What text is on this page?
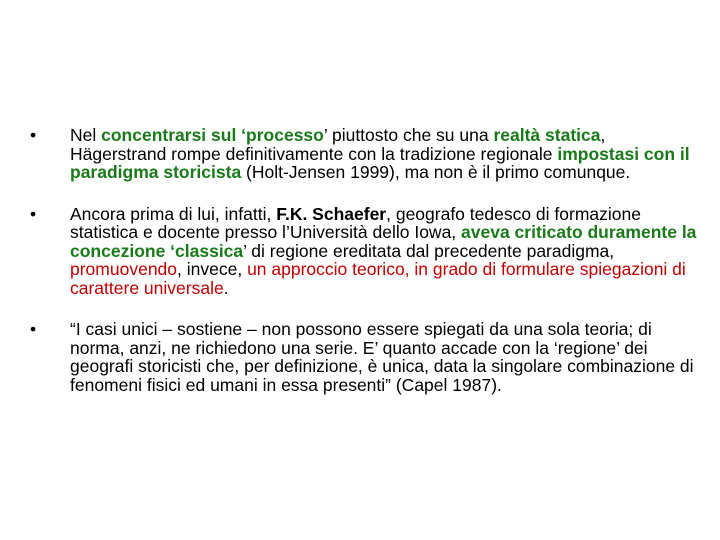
•	Nel concentrarsi sul ‘processo’ piuttosto che su una realtà statica, Hägerstrand rompe definitivamente con la tradizione regionale impostasi con il paradigma storicista (Holt-Jensen 1999), ma non è il primo comunque.
•	Ancora prima di lui, infatti, F.K. Schaefer, geografo tedesco di formazione statistica e docente presso l’Università dello Iowa, aveva criticato duramente la concezione ‘classica’ di regione ereditata dal precedente paradigma, promuovendo, invece, un approccio teorico, in grado di formulare spiegazioni di carattere universale.
•	“I casi unici – sostiene – non possono essere spiegati da una sola teoria; di norma, anzi, ne richiedono una serie. E’ quanto accade con la ‘regione’ dei geografi storicisti che, per definizione, è unica, data la singolare combinazione di fenomeni fisici ed umani in essa presenti” (Capel 1987).
